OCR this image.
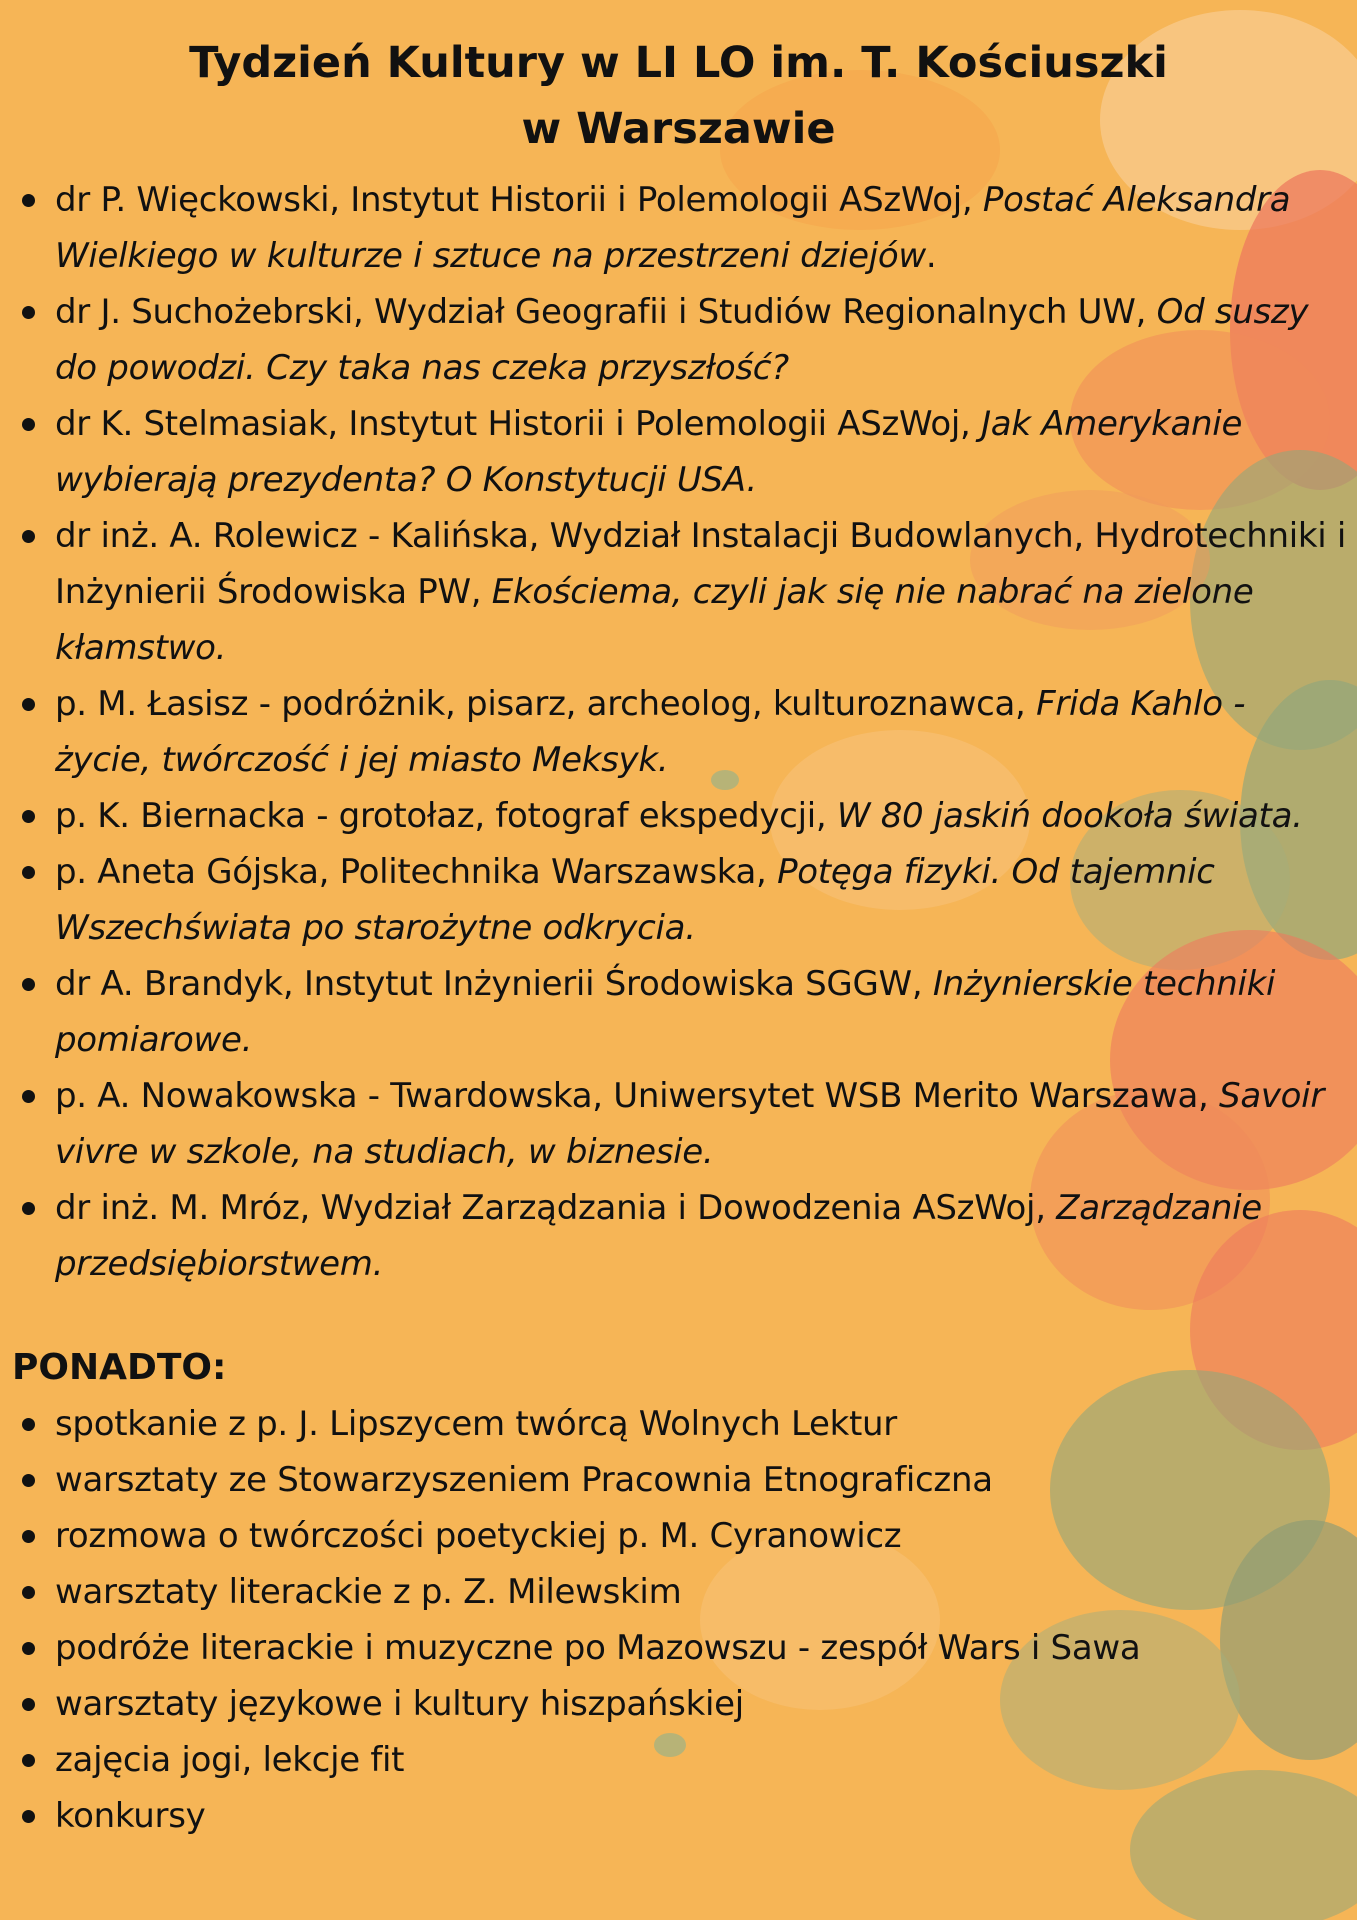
Tydzień Kultury w LI LO im. T. Kościuszki
w Warszawie
dr P. Więckowski, Instytut Historii i Polemologii ASzWoj, Postać Aleksandra Wielkiego w kulturze i sztuce na przestrzeni dziejów.
dr J. Suchożebrski, Wydział Geografii i Studiów Regionalnych UW, Od suszy do powodzi. Czy taka nas czeka przyszłość?
dr K. Stelmasiak, Instytut Historii i Polemologii ASzWoj, Jak Amerykanie wybierają prezydenta? O Konstytucji USA.
dr inż. A. Rolewicz - Kalińska, Wydział Instalacji Budowlanych, Hydrotechniki i Inżynierii Środowiska PW, Ekościema, czyli jak się nie nabrać na zielone kłamstwo.
p. M. Łasisz - podróżnik, pisarz, archeolog, kulturoznawca, Frida Kahlo - życie, twórczość i jej miasto Meksyk.
p. K. Biernacka - grotołaz, fotograf ekspedycji, W 80 jaskiń dookoła świata.
p. Aneta Gójska, Politechnika Warszawska, Potęga fizyki. Od tajemnic Wszechświata po starożytne odkrycia.
dr A. Brandyk, Instytut Inżynierii Środowiska SGGW, Inżynierskie techniki pomiarowe.
p. A. Nowakowska - Twardowska, Uniwersytet WSB Merito Warszawa, Savoir vivre w szkole, na studiach, w biznesie.
dr inż. M. Mróz, Wydział Zarządzania i Dowodzenia ASzWoj, Zarządzanie przedsiębiorstwem.
PONADTO:
spotkanie z p. J. Lipszycem twórcą Wolnych Lektur
warsztaty ze Stowarzyszeniem Pracownia Etnograficzna
rozmowa o twórczości poetyckiej p. M. Cyranowicz
warsztaty literackie z p. Z. Milewskim
podróże literackie i muzyczne po Mazowszu - zespół Wars i Sawa
warsztaty językowe i kultury hiszpańskiej
zajęcia jogi, lekcje fit
konkursy
